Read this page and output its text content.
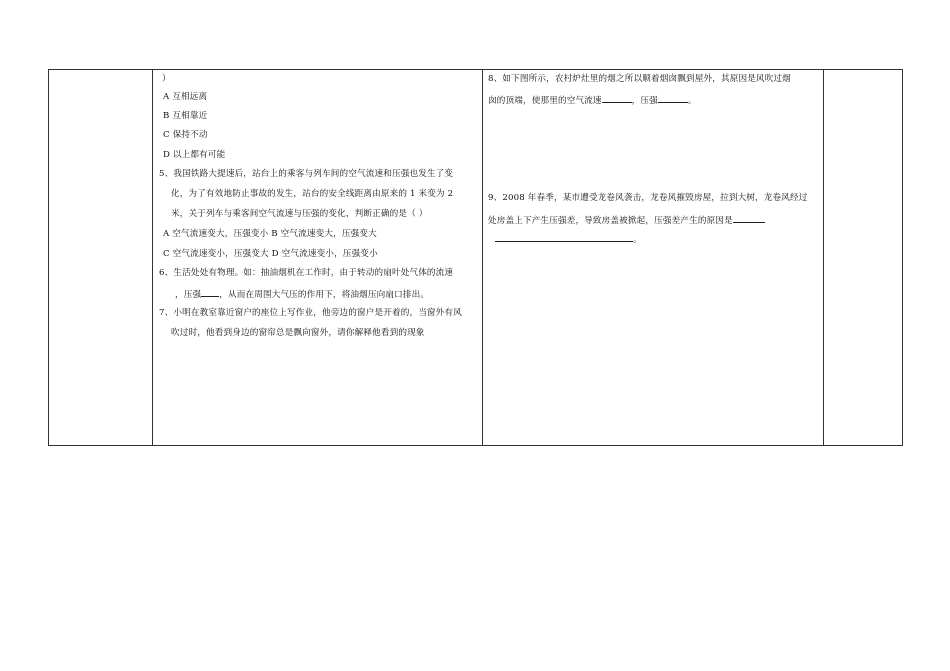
）
A 互相远离
B 互相靠近
C 保持不动
D 以上都有可能
5、我国铁路大提速后，站台上的乘客与列车间的空气流速和压强也发生了变
化，为了有效地防止事故的发生，站台的安全线距离由原来的 1 米变为 2
米，关于列车与乘客间空气流速与压强的变化，判断正确的是（ ）
A 空气流速变大，压强变小 B 空气流速变大，压强变大
C 空气流速变小，压强变大 D 空气流速变小，压强变小
6、生活处处有物理。如：抽油烟机在工作时，由于转动的扇叶处气体的流速
，压强 ，从而在周围大气压的作用下，将油烟压向扇口排出。
7、小明在教室靠近窗户的座位上写作业，他旁边的窗户是开着的，当窗外有风
吹过时，他看到身边的窗帘总是飘向窗外，请你解释他看到的现象
8、如下图所示，农村炉灶里的烟之所以顺着烟囱飘到屋外，其原因是风吹过烟
囱的顶端，使那里的空气流速	，压强	。
9、2008 年春季，某市遭受龙卷风袭击，龙卷风摧毁房屋，拉到大树，龙卷风经过
处房盖上下产生压强差，导致房盖被掀起，压强差产生的原因是
。
